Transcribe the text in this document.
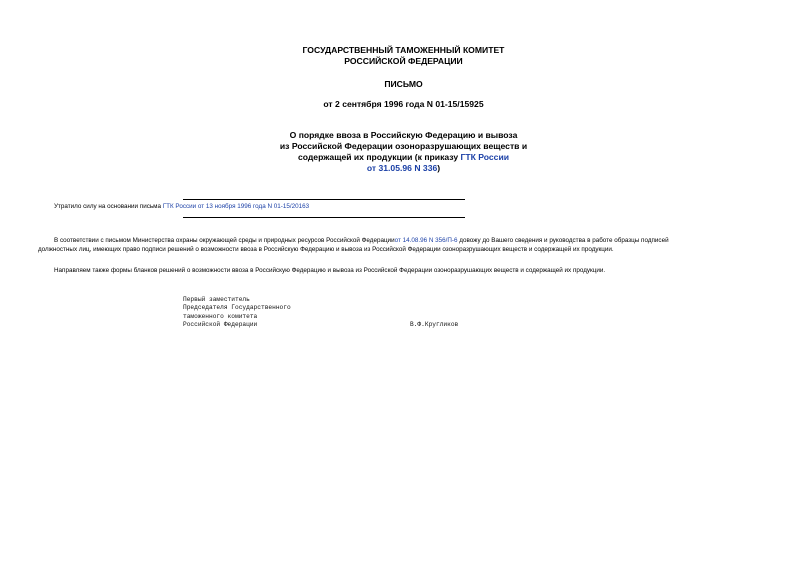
ГОСУДАРСТВЕННЫЙ ТАМОЖЕННЫЙ КОМИТЕТ
РОССИЙСКОЙ ФЕДЕРАЦИИ
ПИСЬМО
от 2 сентября 1996 года N 01-15/15925
О порядке ввоза в Российскую Федерацию и вывоза
из Российской Федерации озоноразрушающих веществ и
содержащей их продукции (к приказу ГТК России
от 31.05.96 N 336)
Утратило силу на основании письма ГТК России от 13 ноября 1996 года N 01-15/20163
В соответствии с письмом Министерства охраны окружающей среды и природных ресурсов Российской Федерацииот 14.08.96 N 356/П-6 довожу до Вашего сведения и руководства в работе образцы подписей
должностных лиц, имеющих право подписи решений о возможности ввоза в Российскую Федерацию и вывоза из Российской Федерации озоноразрушающих веществ и содержащей их продукции.
Направляем также формы бланков решений о возможности ввоза в Российскую Федерацию и вывоза из Российской Федерации озоноразрушающих веществ и содержащей их продукции.
Первый заместитель
Председателя Государственного
таможенного комитета
Российской Федерации	В.Ф.Кругликов
